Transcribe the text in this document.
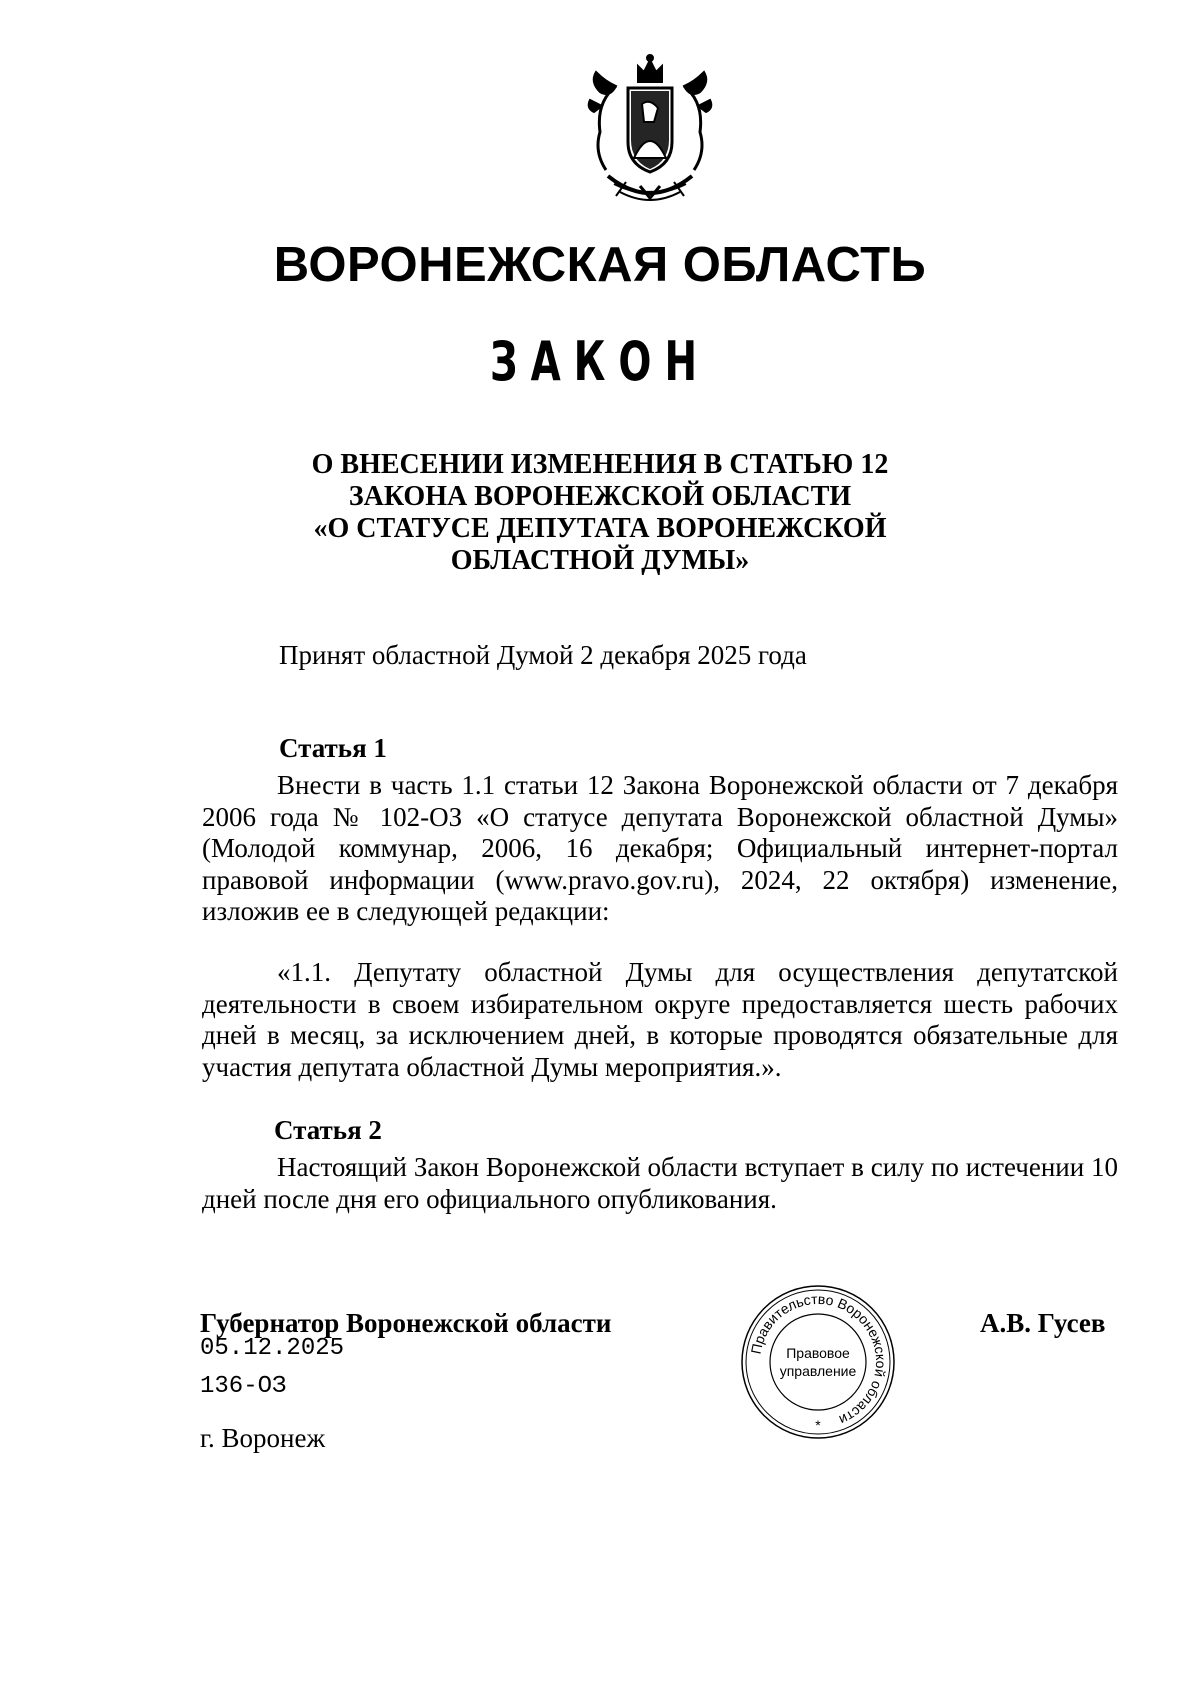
ВОРОНЕЖСКАЯ ОБЛАСТЬ
ЗАКОН
О ВНЕСЕНИИ ИЗМЕНЕНИЯ В СТАТЬЮ 12
ЗАКОНА ВОРОНЕЖСКОЙ ОБЛАСТИ
«О СТАТУСЕ ДЕПУТАТА ВОРОНЕЖСКОЙ
ОБЛАСТНОЙ ДУМЫ»
Принят областной Думой 2 декабря 2025 года
Статья 1
Внести в часть 1.1 статьи 12 Закона Воронежской области от 7 декабря 2006 года № 102-ОЗ «О статусе депутата Воронежской областной Думы» (Молодой коммунар, 2006, 16 декабря; Официальный интернет-портал правовой информации (www.pravo.gov.ru), 2024, 22 октября) изменение, изложив ее в следующей редакции:
«1.1. Депутату областной Думы для осуществления депутатской деятельности в своем избирательном округе предоставляется шесть рабочих дней в месяц, за исключением дней, в которые проводятся обязательные для участия депутата областной Думы мероприятия.».
Статья 2
Настоящий Закон Воронежской области вступает в силу по истечении 10 дней после дня его официального опубликования.
Губернатор Воронежской области
05.12.2025
136-ОЗ
г. Воронеж
А.В. Гусев
Правительство Воронежской области
Правовое
управление
*
